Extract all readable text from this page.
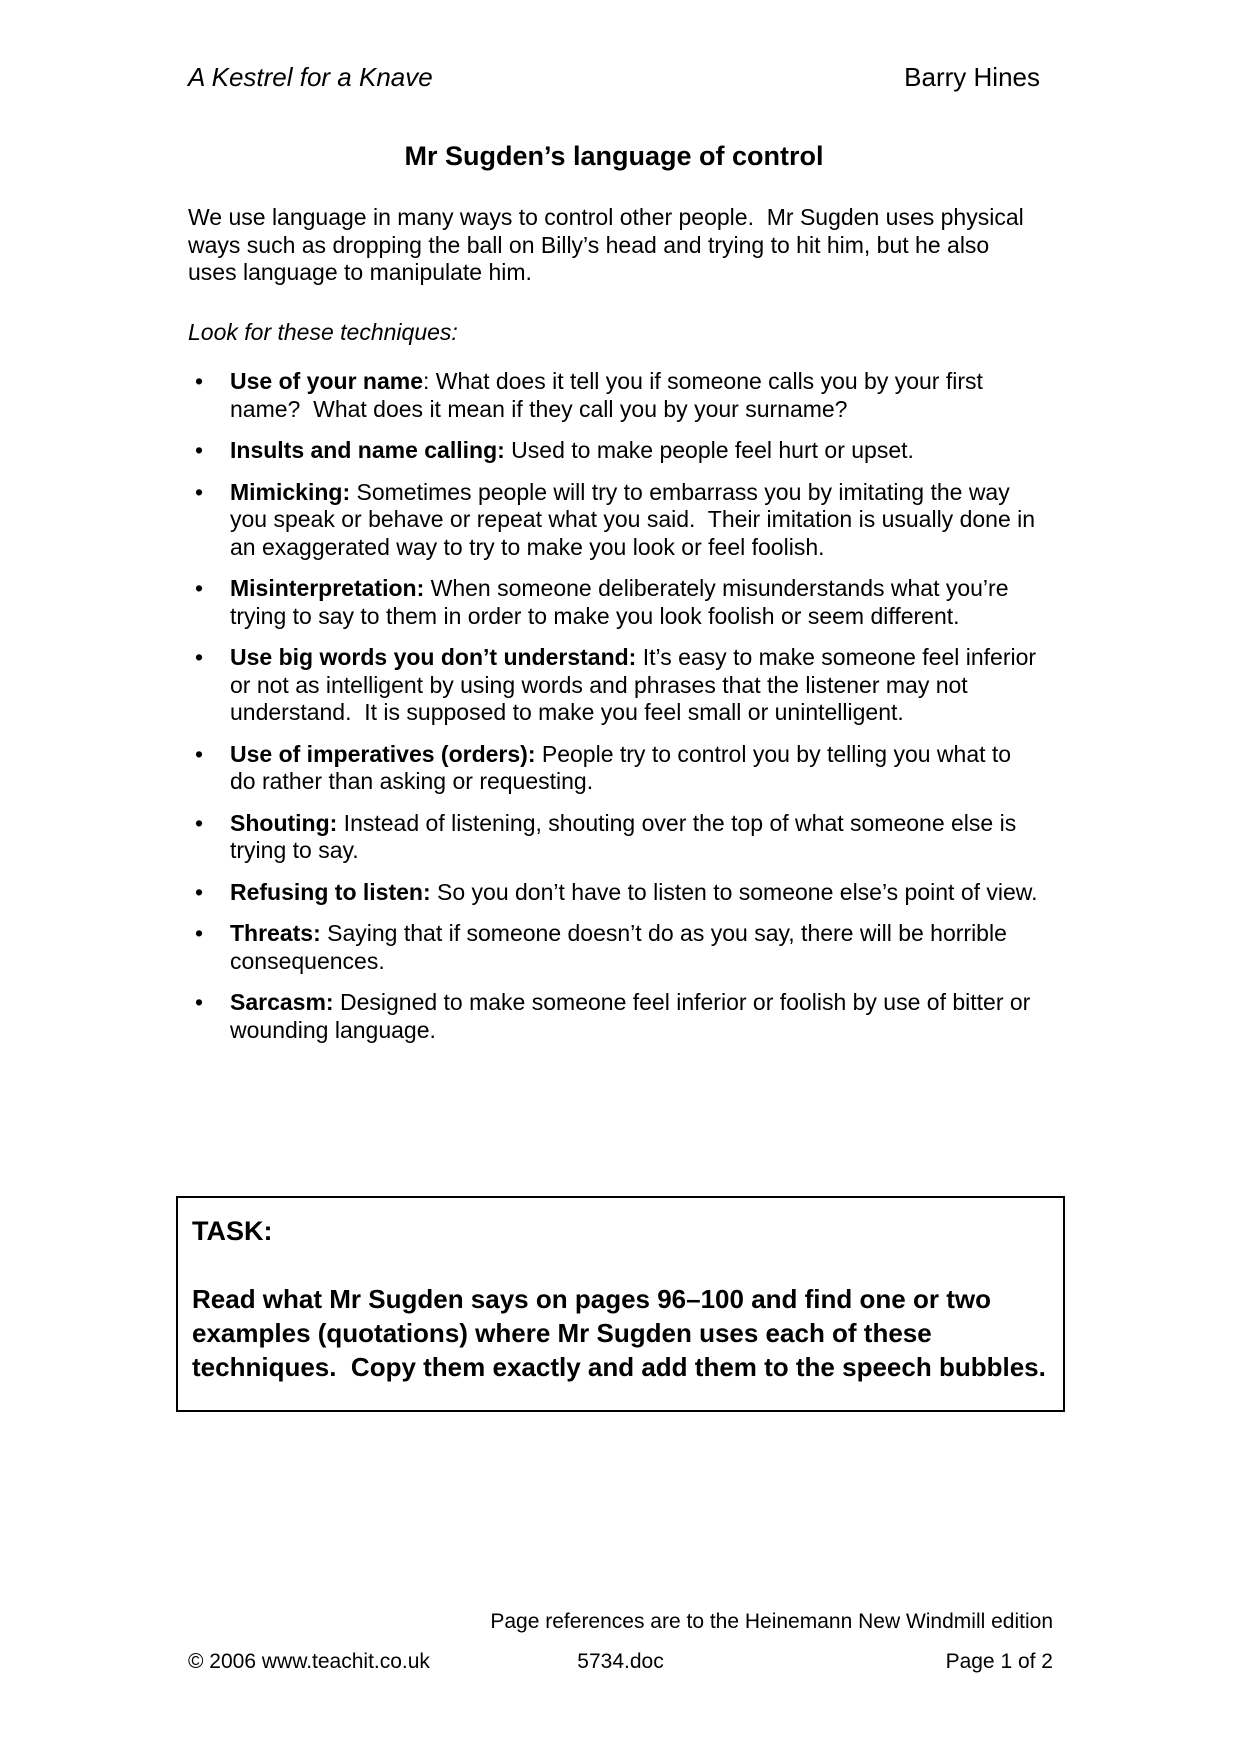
A Kestrel for a Knave	Barry Hines
Mr Sugden’s language of control

We use language in many ways to control other people.  Mr Sugden uses physical ways such as dropping the ball on Billy’s head and trying to hit him, but he also uses language to manipulate him.

Look for these techniques:

• Use of your name: What does it tell you if someone calls you by your first name?  What does it mean if they call you by your surname?
• Insults and name calling: Used to make people feel hurt or upset.
• Mimicking: Sometimes people will try to embarrass you by imitating the way you speak or behave or repeat what you said.  Their imitation is usually done in an exaggerated way to try to make you look or feel foolish.
• Misinterpretation: When someone deliberately misunderstands what you’re trying to say to them in order to make you look foolish or seem different.
• Use big words you don’t understand: It’s easy to make someone feel inferior or not as intelligent by using words and phrases that the listener may not understand.  It is supposed to make you feel small or unintelligent.
• Use of imperatives (orders): People try to control you by telling you what to do rather than asking or requesting.
• Shouting: Instead of listening, shouting over the top of what someone else is trying to say.
• Refusing to listen: So you don’t have to listen to someone else’s point of view.
• Threats: Saying that if someone doesn’t do as you say, there will be horrible consequences.
• Sarcasm: Designed to make someone feel inferior or foolish by use of bitter or wounding language.

TASK:

Read what Mr Sugden says on pages 96–100 and find one or two examples (quotations) where Mr Sugden uses each of these techniques.  Copy them exactly and add them to the speech bubbles.

Page references are to the Heinemann New Windmill edition
© 2006 www.teachit.co.uk	5734.doc	Page 1 of 2
